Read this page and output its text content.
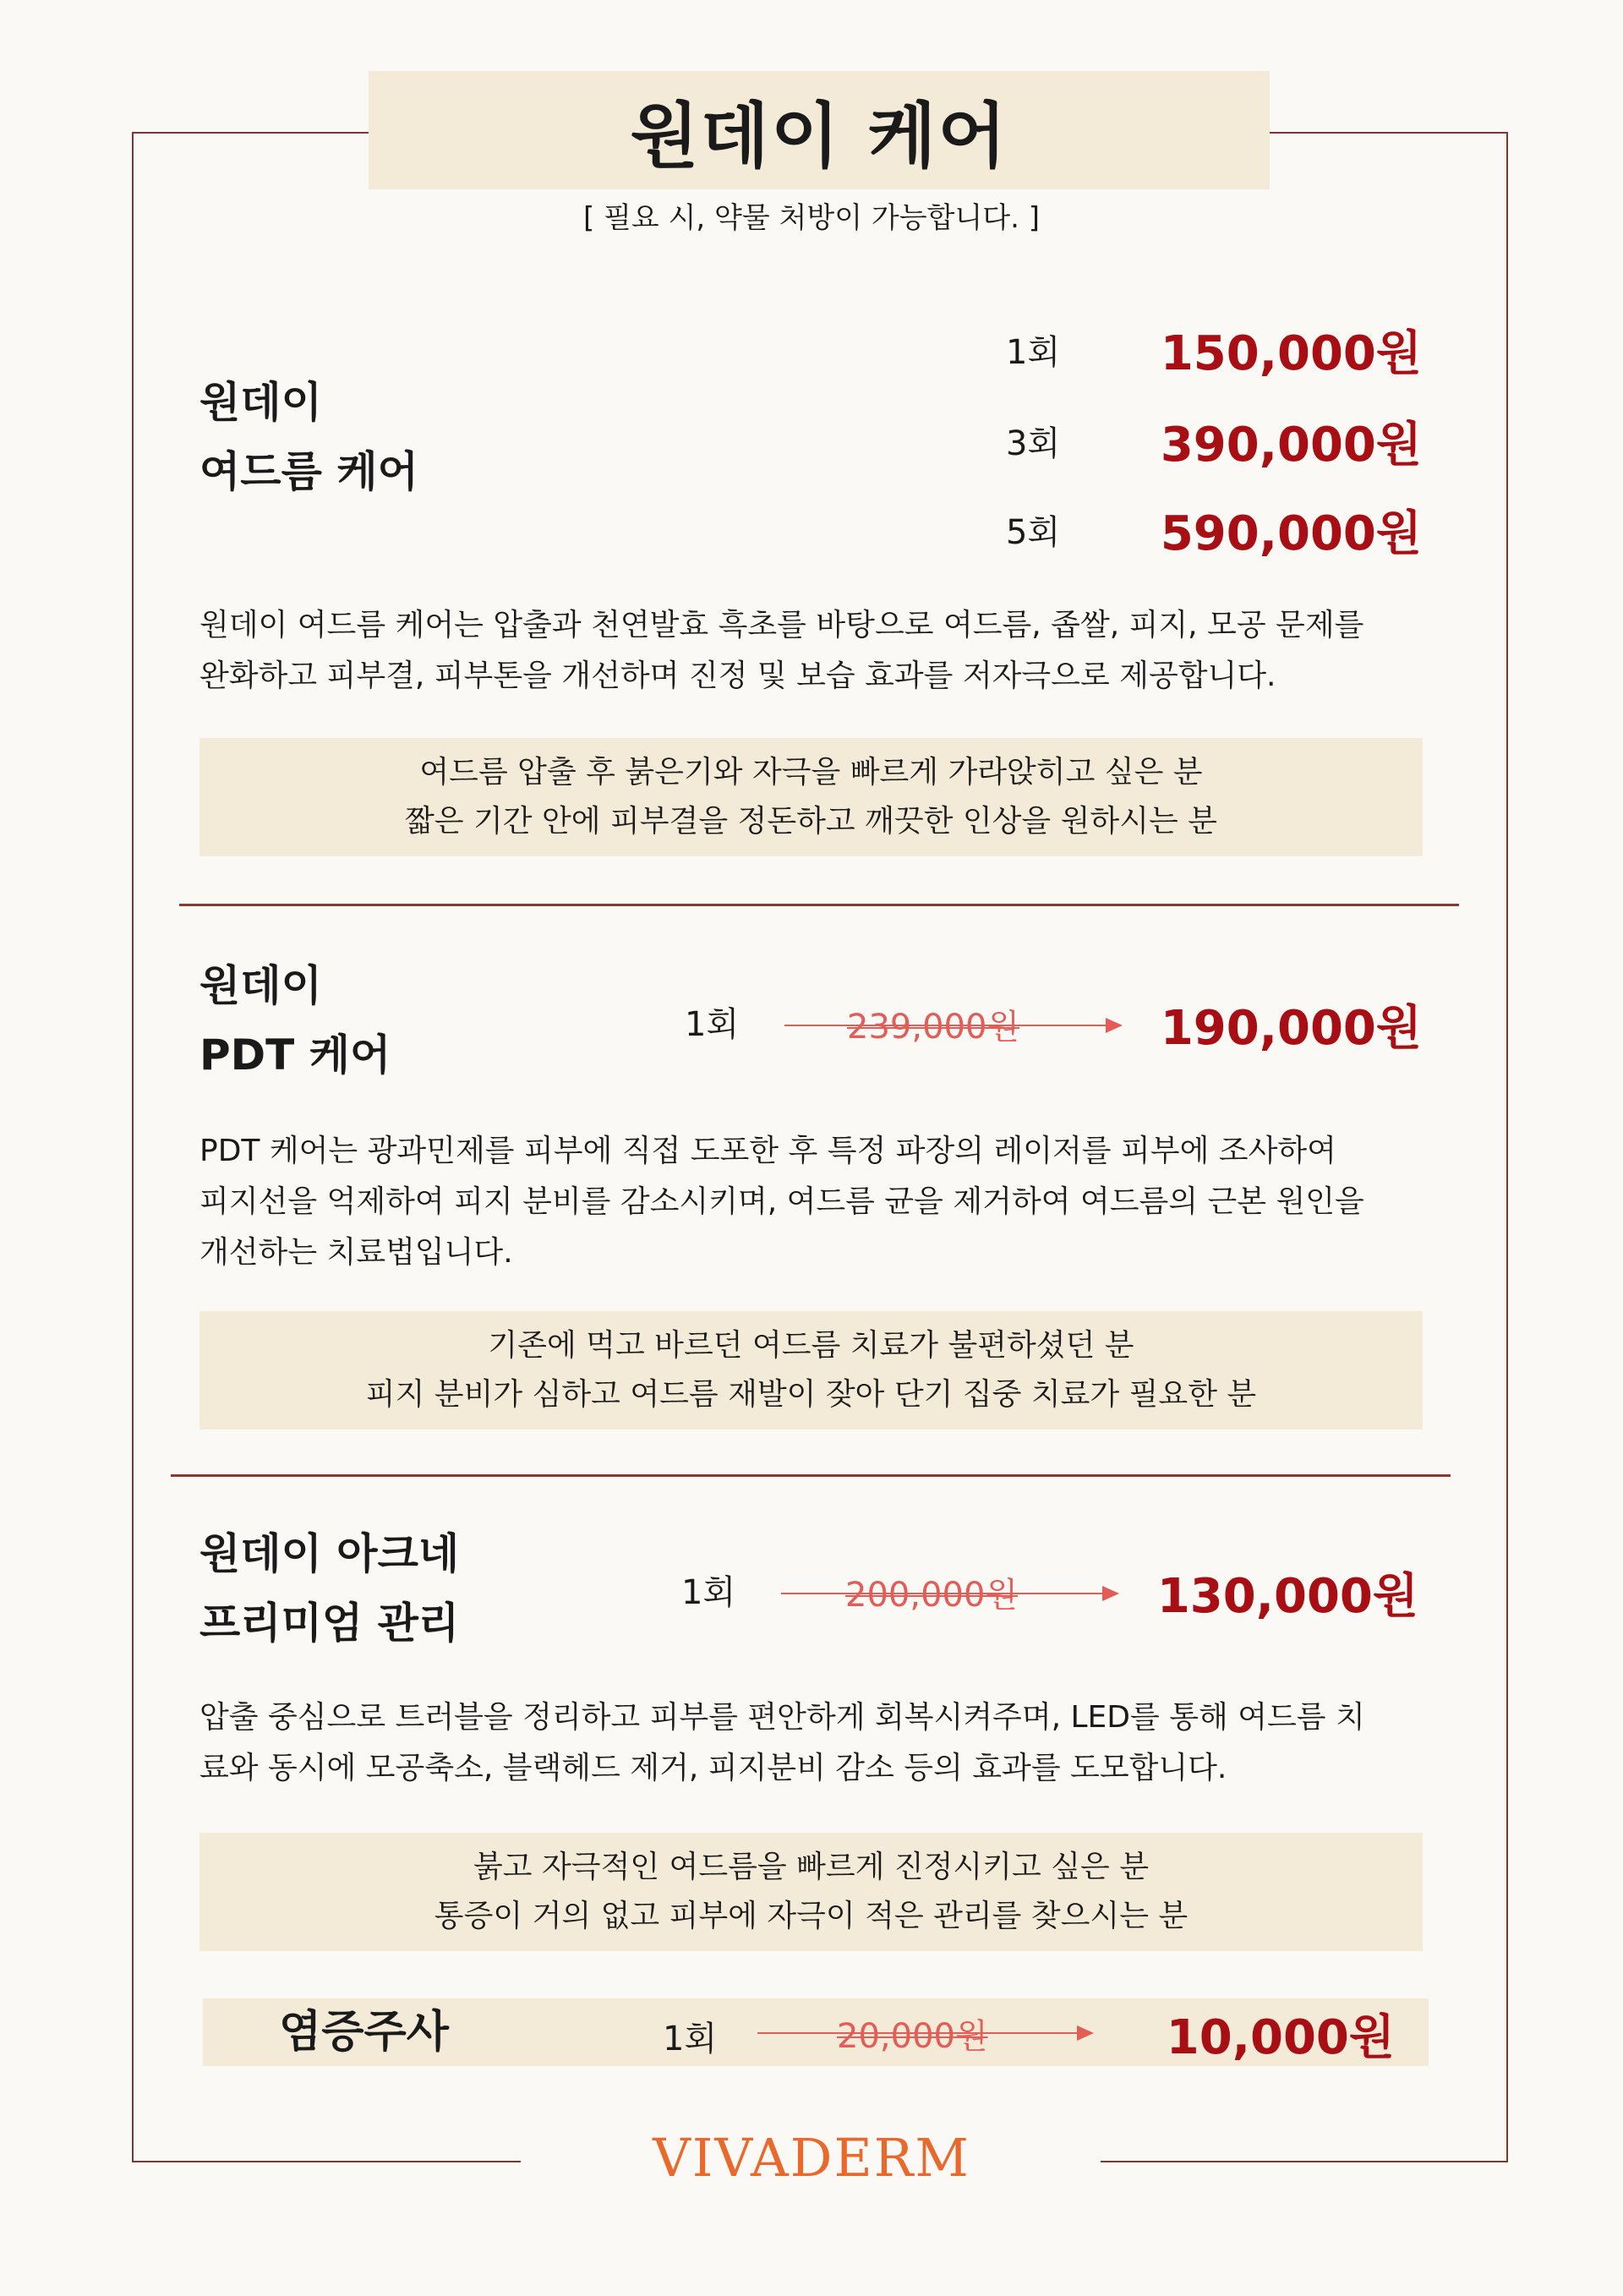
원데이 케어
[ 필요 시, 약물 처방이 가능합니다. ]
원데이
여드름 케어
1회	150,000원
3회	390,000원
5회	590,000원
원데이 여드름 케어는 압출과 천연발효 흑초를 바탕으로 여드름, 좁쌀, 피지, 모공 문제를
완화하고 피부결, 피부톤을 개선하며 진정 및 보습 효과를 저자극으로 제공합니다.
여드름 압출 후 붉은기와 자극을 빠르게 가라앉히고 싶은 분
짧은 기간 안에 피부결을 정돈하고 깨끗한 인상을 원하시는 분
원데이
PDT 케어
1회	239,000원	190,000원
PDT 케어는 광과민제를 피부에 직접 도포한 후 특정 파장의 레이저를 피부에 조사하여
피지선을 억제하여 피지 분비를 감소시키며, 여드름 균을 제거하여 여드름의 근본 원인을
개선하는 치료법입니다.
기존에 먹고 바르던 여드름 치료가 불편하셨던 분
피지 분비가 심하고 여드름 재발이 잦아 단기 집중 치료가 필요한 분
원데이 아크네
프리미엄 관리
1회	200,000원	130,000원
압출 중심으로 트러블을 정리하고 피부를 편안하게 회복시켜주며, LED를 통해 여드름 치
료와 동시에 모공축소, 블랙헤드 제거, 피지분비 감소 등의 효과를 도모합니다.
붉고 자극적인 여드름을 빠르게 진정시키고 싶은 분
통증이 거의 없고 피부에 자극이 적은 관리를 찾으시는 분
염증주사	1회	20,000원	10,000원
VIVADERM
